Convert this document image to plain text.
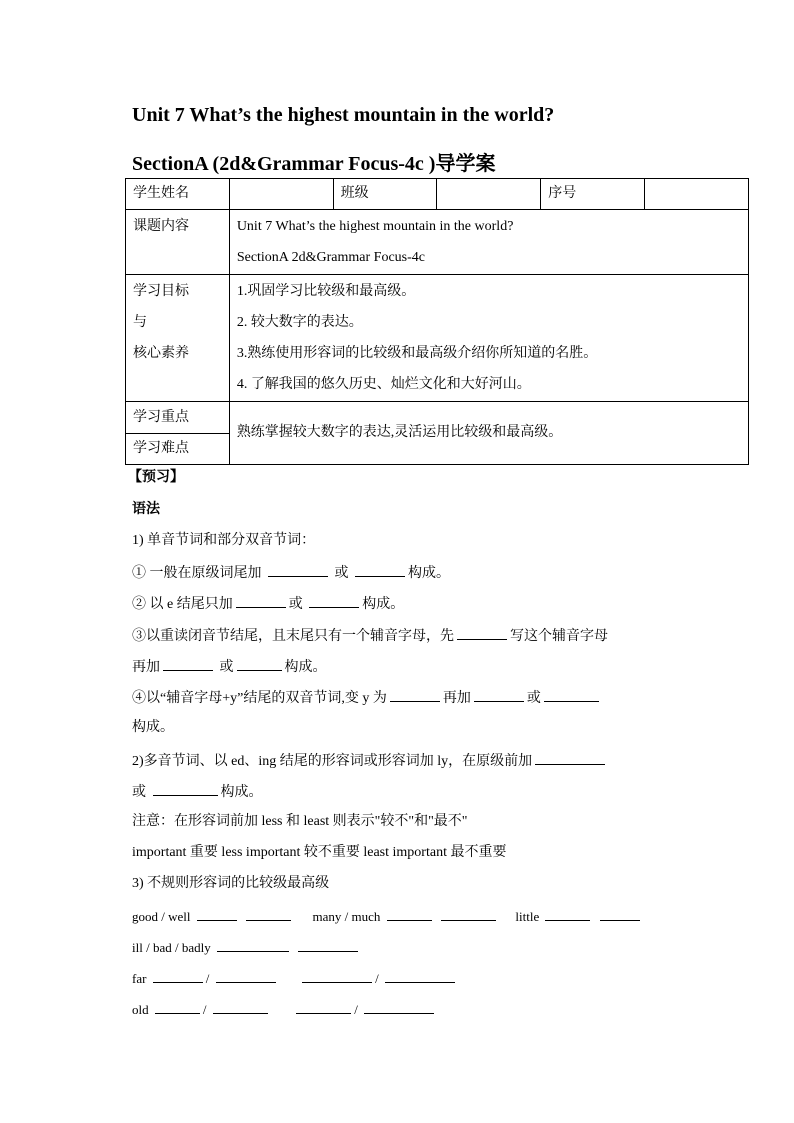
Unit 7 What’s the highest mountain in the world?
SectionA (2d&Grammar Focus-4c )导学案
学生姓名		班级		序号	

课题内容	Unit 7 What’s the highest mountain in the world?
SectionA 2d&Grammar Focus-4c				

学习目标
与
核心素养	1.巩固学习比较级和最高级。
2. 较大数字的表达。
3.熟练使用形容词的比较级和最高级介绍你所知道的名胜。
4. 了解我国的悠久历史、灿烂文化和大好河山。				

学习重点	熟练掌握较大数字的表达,灵活运用比较级和最高级。				
学习难点					
【预习】
语法
1) 单音节词和部分双音节词：
① 一般在原级词尾加	或	构成。
② 以 e 结尾只加	或	构成。
③以重读闭音节结尾，且末尾只有一个辅音字母，先	写这个辅音字母
再加	或	构成。
④以“辅音字母+y”结尾的双音节词,变 y 为	再加	或
构成。
2)多音节词、以 ed、ing 结尾的形容词或形容词加 ly，在原级前加
或	构成。
注意：在形容词前加 less 和 least 则表示"较不"和"最不"
important 重要 less important 较不重要 least important 最不重要
3) 不规则形容词的比较级最高级
good / well	many / much	little
ill / bad / badly
far	/	/
old	/	/
